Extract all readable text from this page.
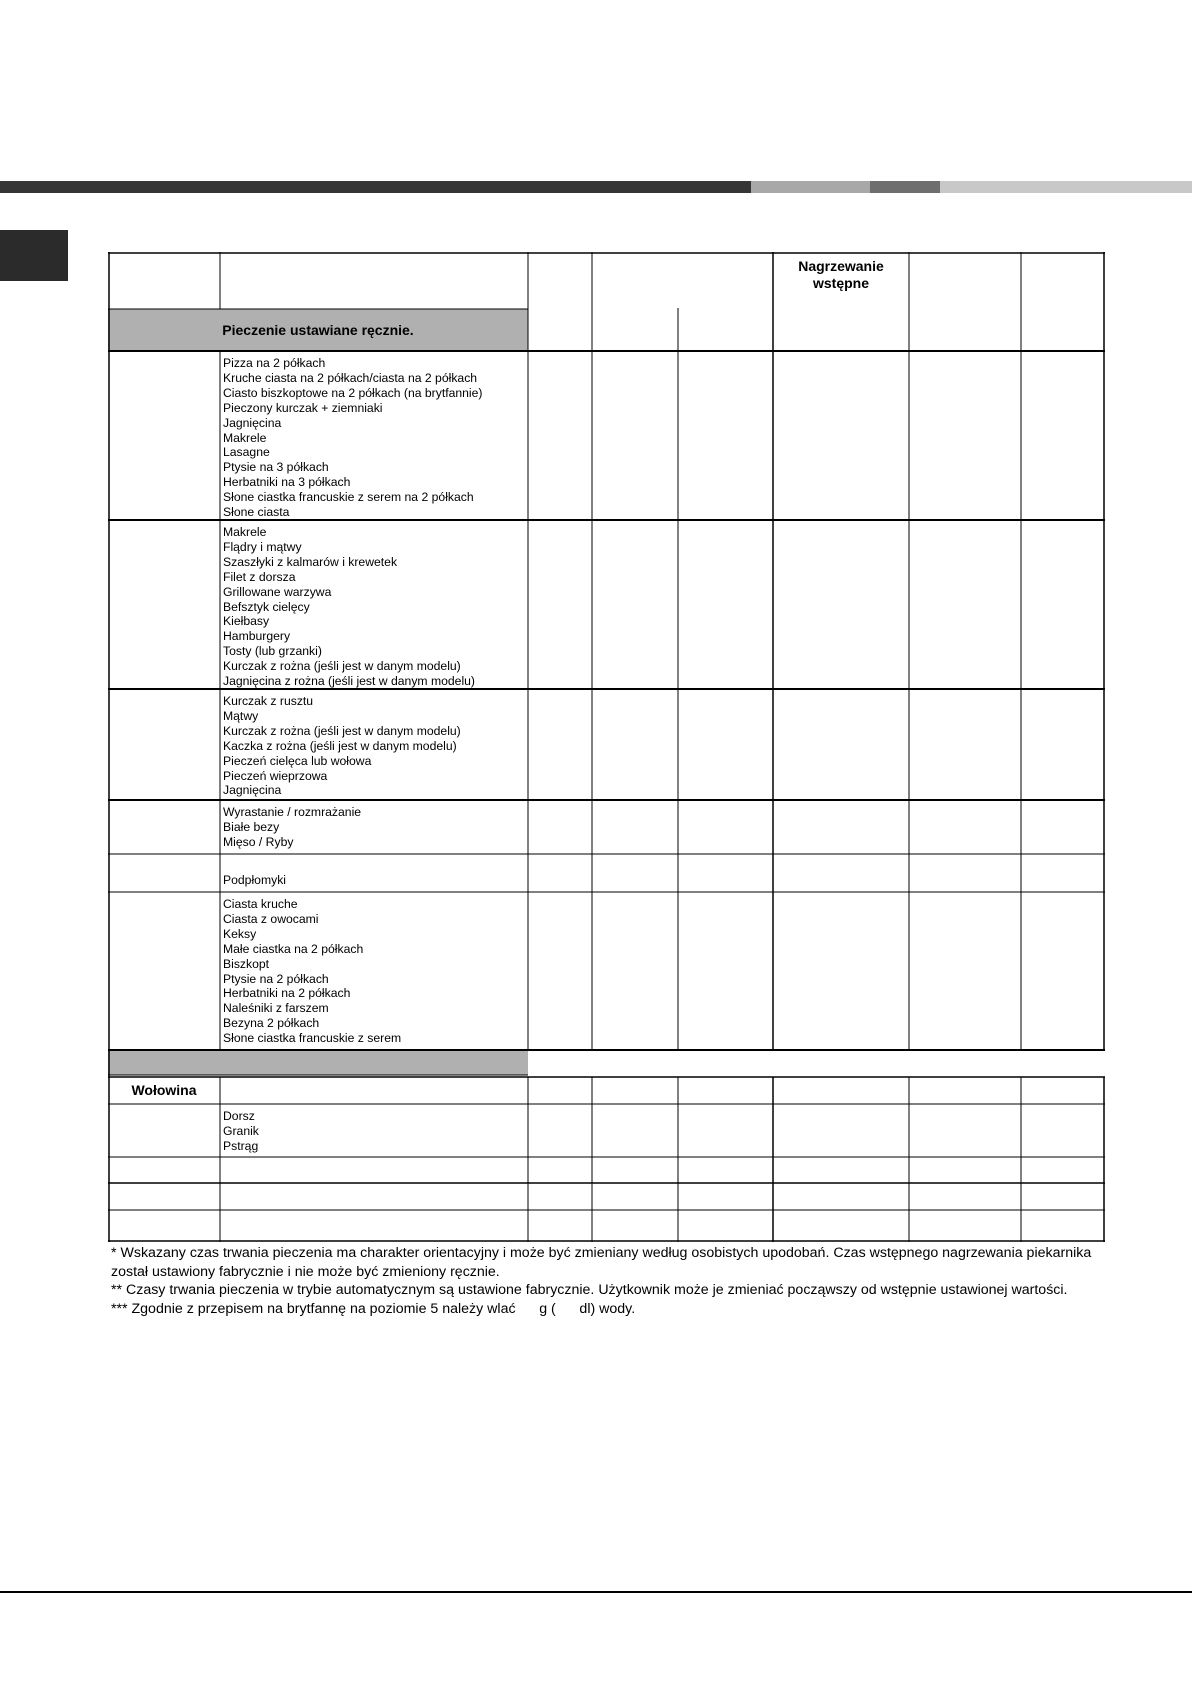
Nagrzewanie
wstępne
Pieczenie ustawiane ręcznie.
Pizza na 2 półkach
Kruche ciasta na 2 półkach/ciasta na 2 półkach
Ciasto biszkoptowe na 2 półkach (na brytfannie)
Pieczony kurczak + ziemniaki
Jagnięcina
Makrele
Lasagne
Ptysie na 3 półkach
Herbatniki na 3 półkach
Słone ciastka francuskie z serem na 2 półkach
Słone ciasta
Makrele
Flądry i mątwy
Szaszłyki z kalmarów i krewetek
Filet z dorsza
Grillowane warzywa
Befsztyk cielęcy
Kiełbasy
Hamburgery
Tosty (lub grzanki)
Kurczak z rożna (jeśli jest w danym modelu)
Jagnięcina z rożna (jeśli jest w danym modelu)
Kurczak z rusztu
Mątwy
Kurczak z rożna (jeśli jest w danym modelu)
Kaczka z rożna (jeśli jest w danym modelu)
Pieczeń cielęca lub wołowa
Pieczeń wieprzowa
Jagnięcina
Wyrastanie / rozmrażanie
Białe bezy
Mięso / Ryby
Podpłomyki
Ciasta kruche
Ciasta z owocami
Keksy
Małe ciastka na 2 półkach
Biszkopt
Ptysie na 2 półkach
Herbatniki na 2 półkach
Naleśniki z farszem
Bezyna 2 półkach
Słone ciastka francuskie z serem
Wołowina
Dorsz
Granik
Pstrąg

* Wskazany czas trwania pieczenia ma charakter orientacyjny i może być zmieniany według osobistych upodobań. Czas wstępnego nagrzewania piekarnika został ustawiony fabrycznie i nie może być zmieniony ręcznie.

** Czasy trwania pieczenia w trybie automatycznym są ustawione fabrycznie. Użytkownik może je zmieniać począwszy od wstępnie ustawionej wartości.

*** Zgodnie z przepisem na brytfannę na poziomie 5 należy wlać      g (      dl) wody.
